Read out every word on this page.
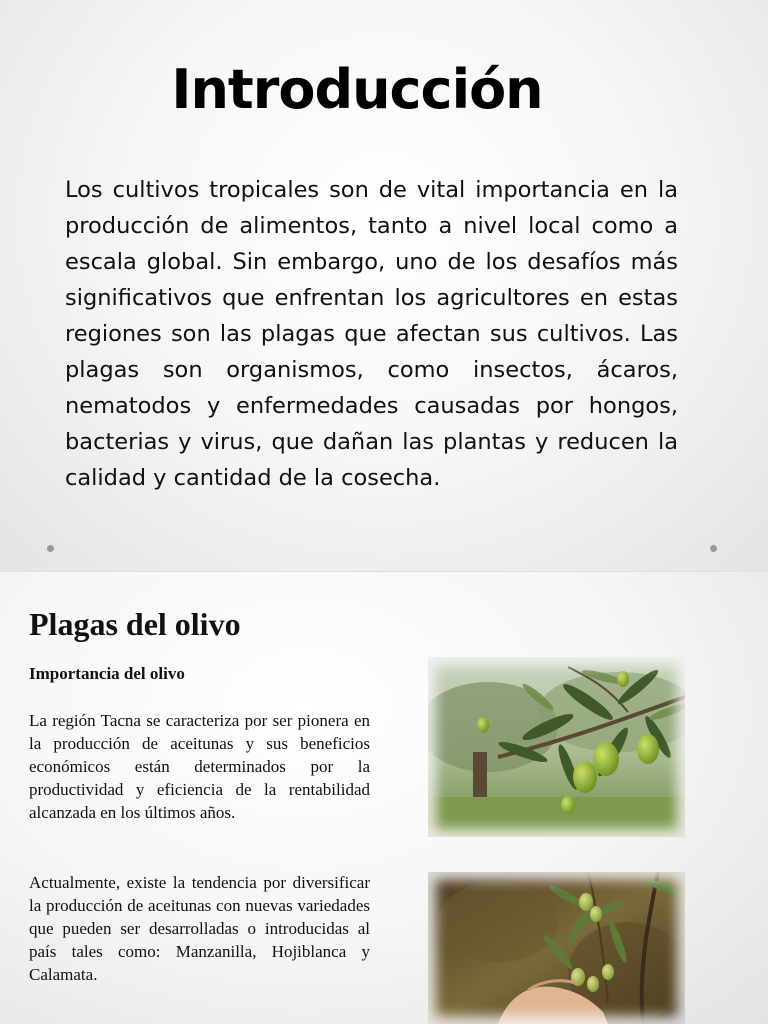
Introducción

Los cultivos tropicales son de vital importancia en la producción de alimentos, tanto a nivel local como a escala global. Sin embargo, uno de los desafíos más significativos que enfrentan los agricultores en estas regiones son las plagas que afectan sus cultivos. Las plagas son organismos, como insectos, ácaros, nematodos y enfermedades causadas por hongos, bacterias y virus, que dañan las plantas y reducen la calidad y cantidad de la cosecha.

Plagas del olivo
Importancia del olivo

La región Tacna se caracteriza por ser pionera en la producción de aceitunas y sus beneficios económicos están determinados por la productividad y eficiencia de la rentabilidad alcanzada en los últimos años.

Actualmente, existe la tendencia por diversificar la producción de aceitunas con nuevas variedades que pueden ser desarrolladas o introducidas al país tales como: Manzanilla, Hojiblanca y Calamata.
